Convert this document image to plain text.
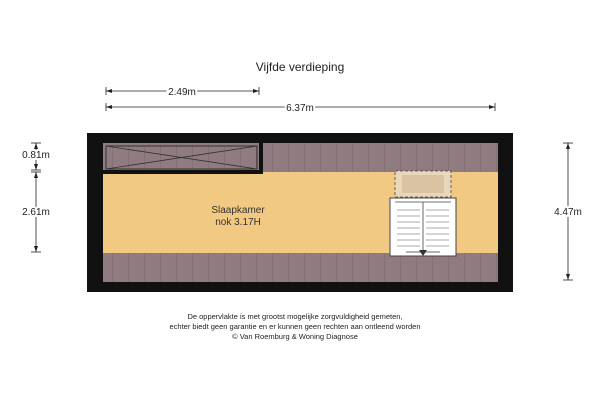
Vijfde verdieping
2.49m
6.37m
0.81m
2.61m	4.47m
Slaapkamer
nok 3.17H
De oppervlakte is met grootst mogelijke zorgvuldigheid gemeten,
echter biedt geen garantie en er kunnen geen rechten aan ontleend worden
© Van Roemburg & Woning Diagnose
